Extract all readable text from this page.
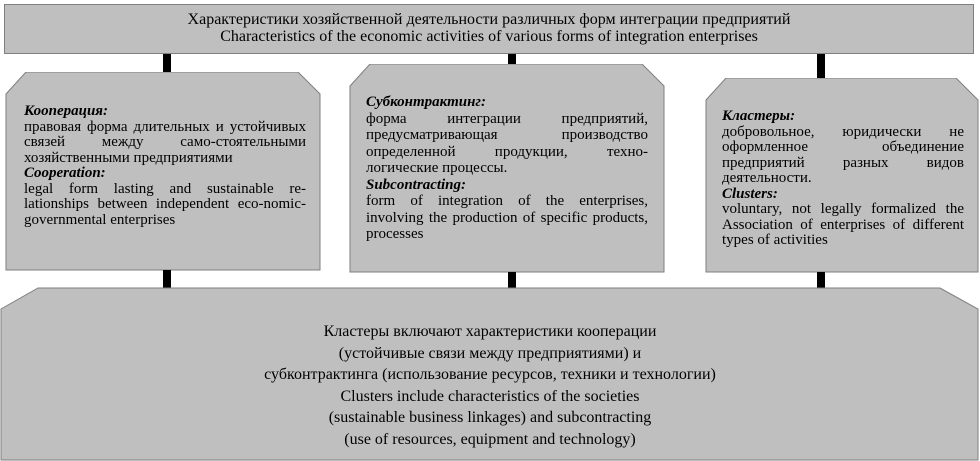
Характеристики хозяйственной деятельности различных форм интеграции предприятий
Characteristics of the economic activities of various forms of integration enterprises
Кооперация:
правовая форма длительных и устойчивых связей между само-стоятельными хозяйственными предприятиями
Cooperation:
legal form lasting and sustainable re-lationships between independent eco-nomic-governmental enterprises
Субконтрактинг:
форма интеграции предприятий, предусматривающая производство определенной продукции, техно-логические процессы.
Subcontracting:
form of integration of the enterprises, involving the production of specific products, processes
Кластеры:
добровольное, юридически не оформленное объединение предприятий разных видов деятельности.
Clusters:
voluntary, not legally formalized the Association of enterprises of different types of activities
Кластеры включают характеристики кооперации
(устойчивые связи между предприятиями) и
субконтрактинга (использование ресурсов, техники и технологии)
Clusters include characteristics of the societies
(sustainable business linkages) and subcontracting
(use of resources, equipment and technology)
